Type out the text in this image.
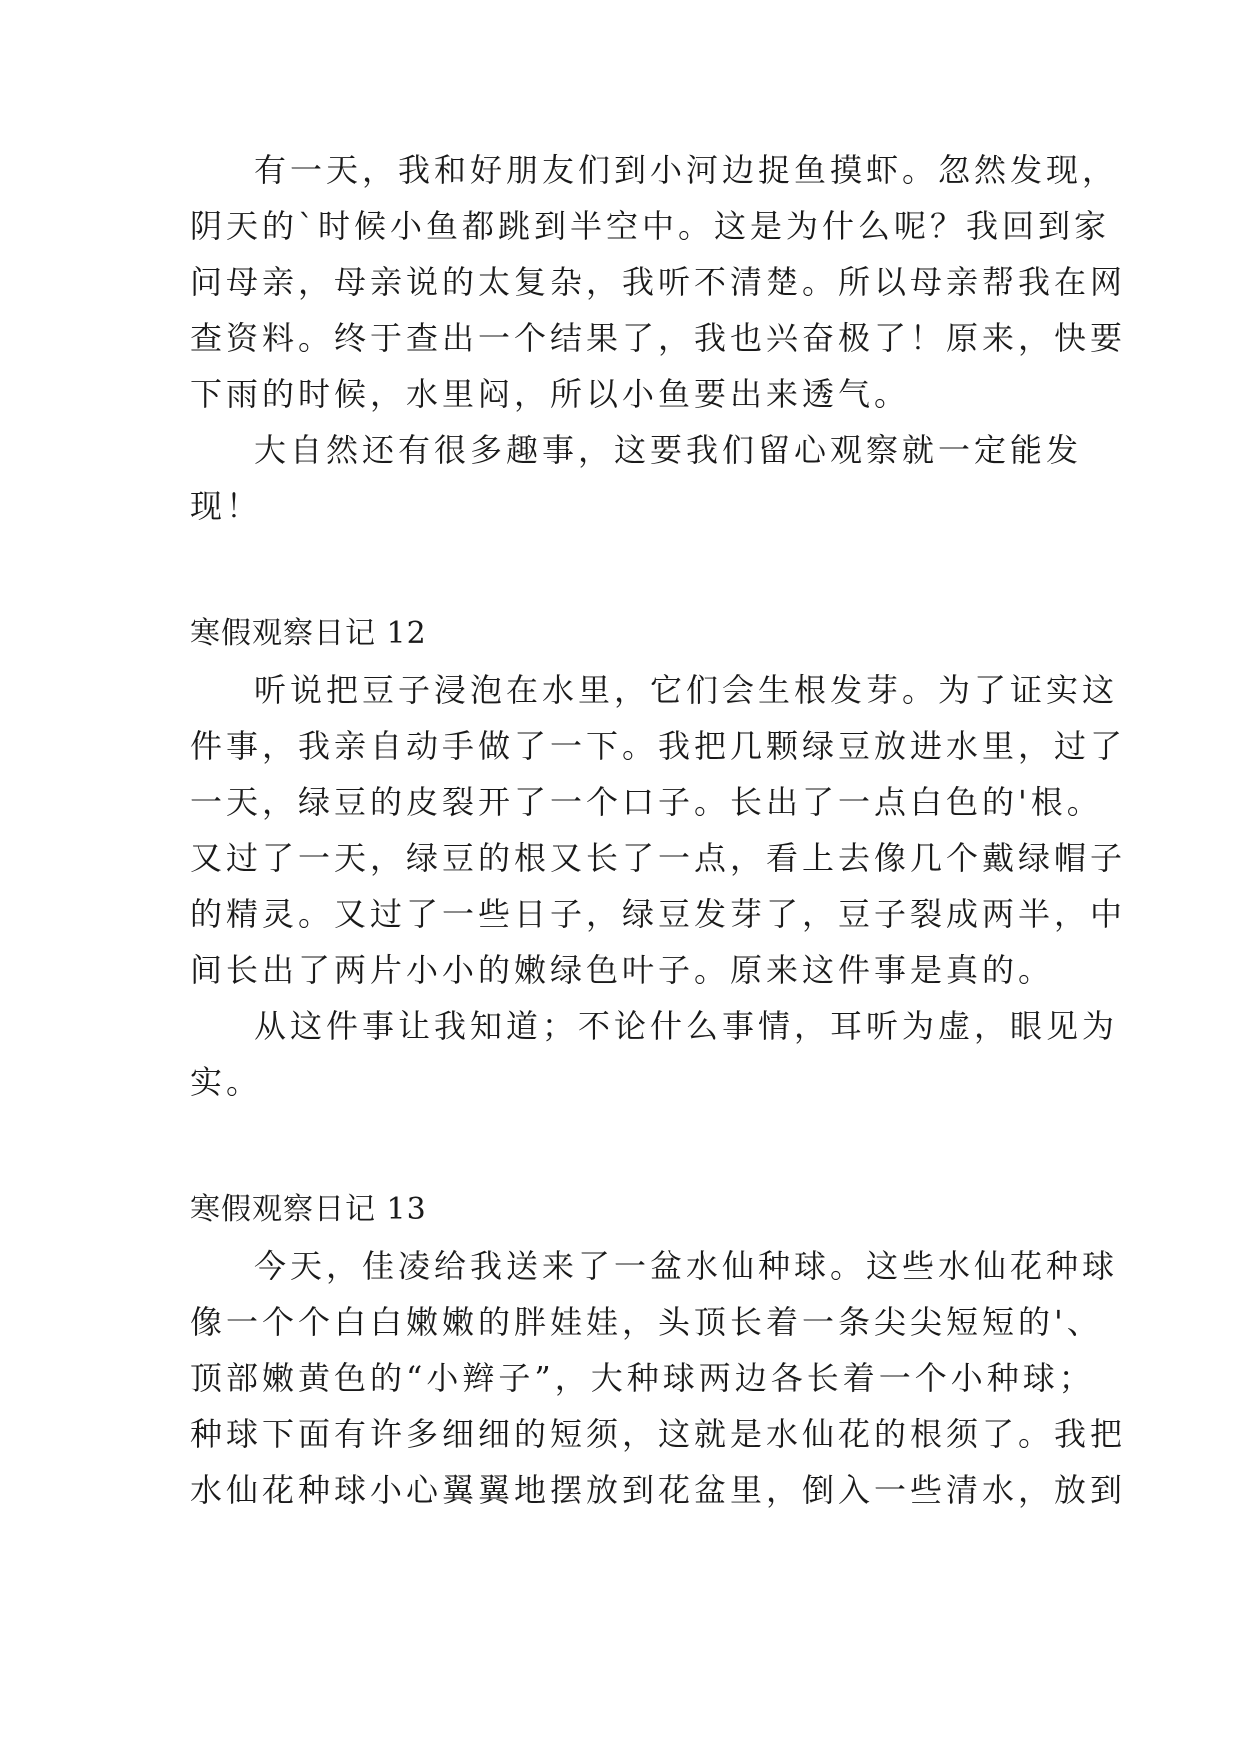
有一天，我和好朋友们到小河边捉鱼摸虾。忽然发现，
阴天的`时候小鱼都跳到半空中。这是为什么呢？我回到家
问母亲，母亲说的太复杂，我听不清楚。所以母亲帮我在网
查资料。终于查出一个结果了，我也兴奋极了！原来，快要
下雨的时候，水里闷，所以小鱼要出来透气。
大自然还有很多趣事，这要我们留心观察就一定能发
现！
寒假观察日记 12
听说把豆子浸泡在水里，它们会生根发芽。为了证实这
件事，我亲自动手做了一下。我把几颗绿豆放进水里，过了
一天，绿豆的皮裂开了一个口子。长出了一点白色的'根。
又过了一天，绿豆的根又长了一点，看上去像几个戴绿帽子
的精灵。又过了一些日子，绿豆发芽了，豆子裂成两半，中
间长出了两片小小的嫩绿色叶子。原来这件事是真的。
从这件事让我知道；不论什么事情，耳听为虚，眼见为
实。
寒假观察日记 13
今天，佳凌给我送来了一盆水仙种球。这些水仙花种球
像一个个白白嫩嫩的胖娃娃，头顶长着一条尖尖短短的'、
顶部嫩黄色的“小辫子”，大种球两边各长着一个小种球；
种球下面有许多细细的短须，这就是水仙花的根须了。我把
水仙花种球小心翼翼地摆放到花盆里，倒入一些清水，放到
